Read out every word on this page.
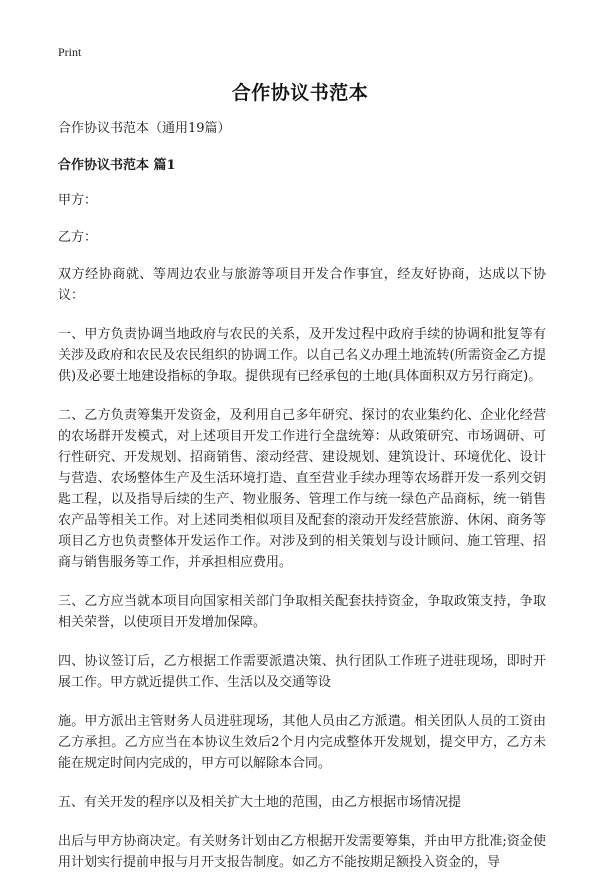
Print
合作协议书范本

合作协议书范本（通用19篇）

合作协议书范本 篇1

甲方：

乙方：

双方经协商就、等周边农业与旅游等项目开发合作事宜，经友好协商，达成以下协议：

一、甲方负责协调当地政府与农民的关系，及开发过程中政府手续的协调和批复等有关涉及政府和农民及农民组织的协调工作。以自己名义办理土地流转(所需资金乙方提供)及必要土地建设指标的争取。提供现有已经承包的土地(具体面积双方另行商定)。

二、乙方负责筹集开发资金，及利用自己多年研究、探讨的农业集约化、企业化经营的农场群开发模式，对上述项目开发工作进行全盘统筹：从政策研究、市场调研、可行性研究、开发规划、招商销售、滚动经营、建设规划、建筑设计、环境优化、设计与营造、农场整体生产及生活环境打造、直至营业手续办理等农场群开发一系列交钥匙工程，以及指导后续的生产、物业服务、管理工作与统一绿色产品商标，统一销售农产品等相关工作。对上述同类相似项目及配套的滚动开发经营旅游、休闲、商务等项目乙方也负责整体开发运作工作。对涉及到的相关策划与设计顾问、施工管理、招商与销售服务等工作，并承担相应费用。

三、乙方应当就本项目向国家相关部门争取相关配套扶持资金，争取政策支持，争取相关荣誉，以使项目开发增加保障。

四、协议签订后，乙方根据工作需要派遣决策、执行团队工作班子进驻现场，即时开展工作。甲方就近提供工作、生活以及交通等设

施。甲方派出主管财务人员进驻现场，其他人员由乙方派遣。相关团队人员的工资由乙方承担。乙方应当在本协议生效后2个月内完成整体开发规划，提交甲方，乙方未能在规定时间内完成的，甲方可以解除本合同。

五、有关开发的程序以及相关扩大土地的范围，由乙方根据市场情况提

出后与甲方协商决定。有关财务计划由乙方根据开发需要筹集，并由甲方批准;资金使用计划实行提前申报与月开支报告制度。如乙方不能按期足额投入资金的，导
